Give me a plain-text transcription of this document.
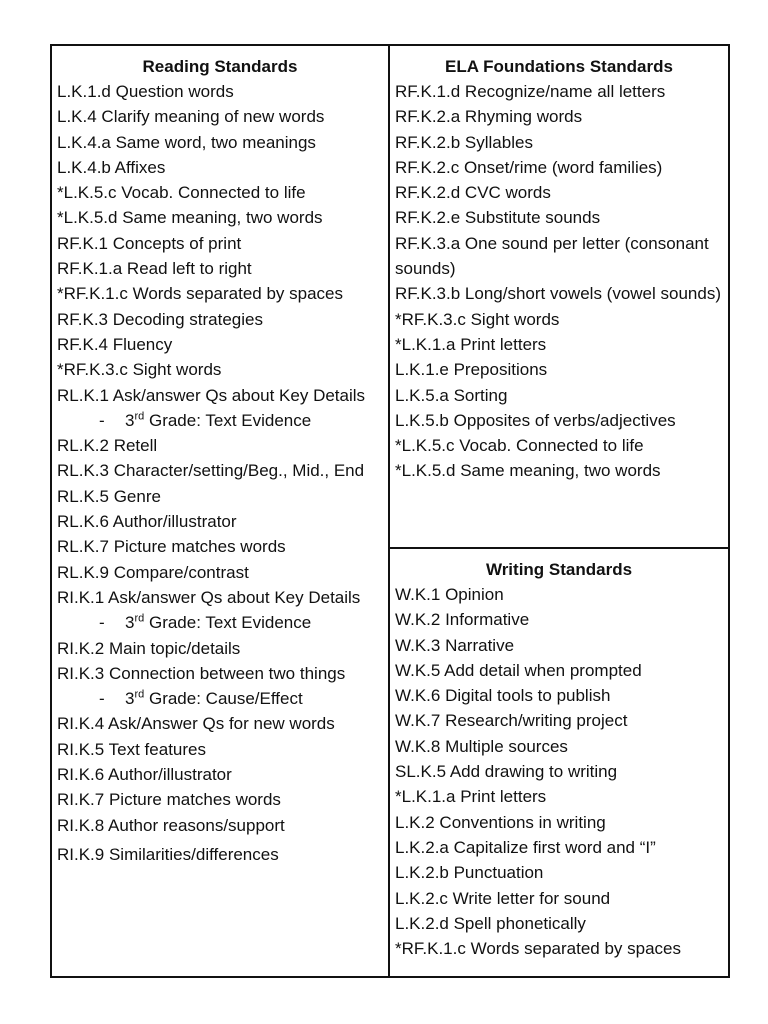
Reading Standards
L.K.1.d Question words
L.K.4 Clarify meaning of new words
L.K.4.a Same word, two meanings
L.K.4.b Affixes
*L.K.5.c Vocab. Connected to life
*L.K.5.d Same meaning, two words
RF.K.1 Concepts of print
RF.K.1.a Read left to right
*RF.K.1.c Words separated by spaces
RF.K.3 Decoding strategies
RF.K.4 Fluency
*RF.K.3.c Sight words
RL.K.1 Ask/answer Qs about Key Details
- 3rd Grade: Text Evidence
RL.K.2 Retell
RL.K.3 Character/setting/Beg., Mid., End
RL.K.5 Genre
RL.K.6 Author/illustrator
RL.K.7 Picture matches words
RL.K.9 Compare/contrast
RI.K.1 Ask/answer Qs about Key Details
- 3rd Grade: Text Evidence
RI.K.2 Main topic/details
RI.K.3 Connection between two things
- 3rd Grade: Cause/Effect
RI.K.4 Ask/Answer Qs for new words
RI.K.5 Text features
RI.K.6 Author/illustrator
RI.K.7 Picture matches words
RI.K.8 Author reasons/support
RI.K.9 Similarities/differences
ELA Foundations Standards
RF.K.1.d Recognize/name all letters
RF.K.2.a Rhyming words
RF.K.2.b Syllables
RF.K.2.c Onset/rime (word families)
RF.K.2.d CVC words
RF.K.2.e Substitute sounds
RF.K.3.a One sound per letter (consonant sounds)
RF.K.3.b Long/short vowels (vowel sounds)
*RF.K.3.c Sight words
*L.K.1.a Print letters
L.K.1.e Prepositions
L.K.5.a Sorting
L.K.5.b Opposites of verbs/adjectives
*L.K.5.c Vocab. Connected to life
*L.K.5.d Same meaning, two words
Writing Standards
W.K.1 Opinion
W.K.2 Informative
W.K.3 Narrative
W.K.5 Add detail when prompted
W.K.6 Digital tools to publish
W.K.7 Research/writing project
W.K.8 Multiple sources
SL.K.5 Add drawing to writing
*L.K.1.a Print letters
L.K.2 Conventions in writing
L.K.2.a Capitalize first word and “I”
L.K.2.b Punctuation
L.K.2.c Write letter for sound
L.K.2.d Spell phonetically
*RF.K.1.c Words separated by spaces
